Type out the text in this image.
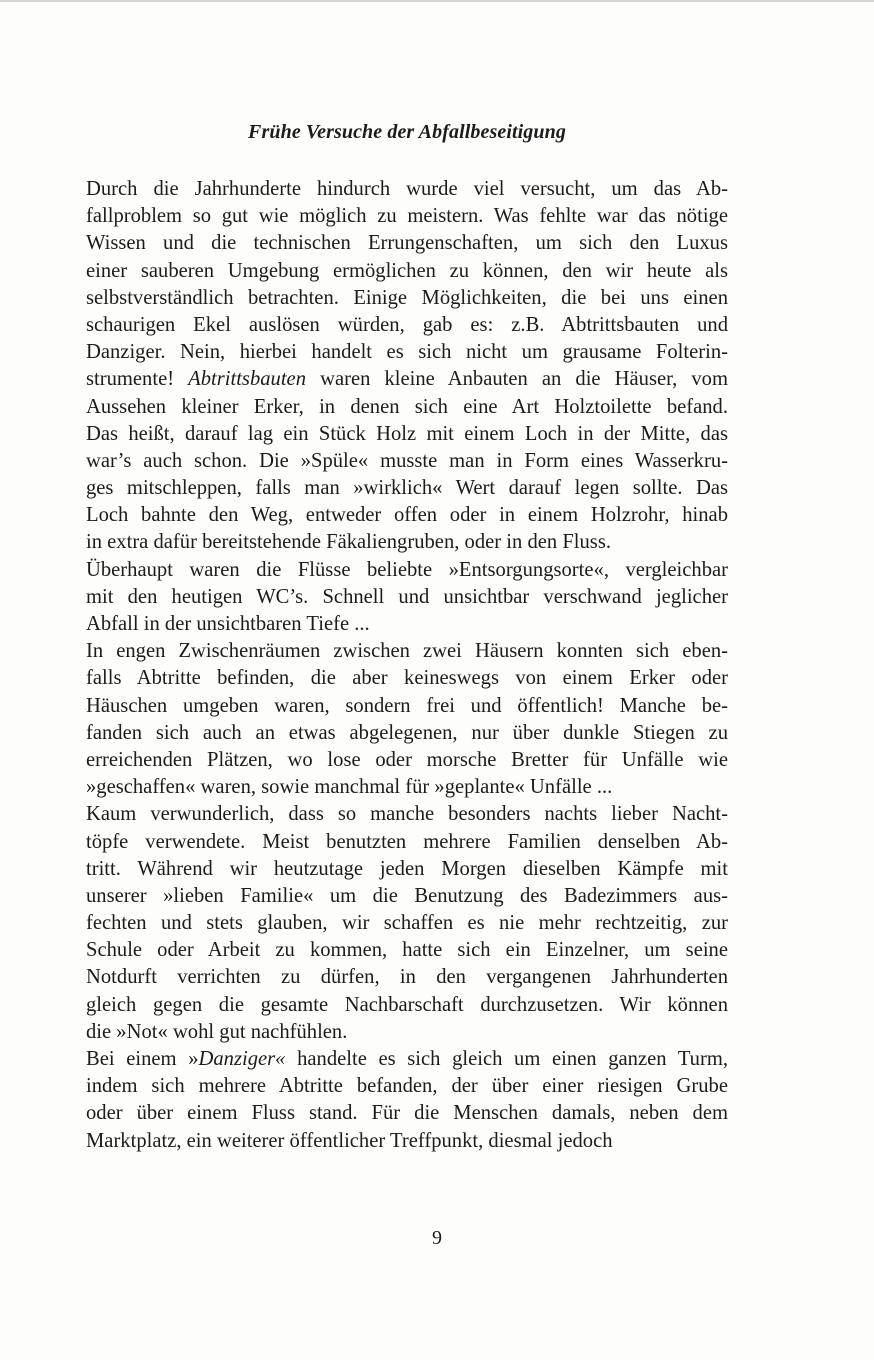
Frühe Versuche der Abfallbeseitigung

Durch die Jahrhunderte hindurch wurde viel versucht, um das Ab-
fallproblem so gut wie möglich zu meistern. Was fehlte war das nötige
Wissen und die technischen Errungenschaften, um sich den Luxus
einer sauberen Umgebung ermöglichen zu können, den wir heute als
selbstverständlich betrachten. Einige Möglichkeiten, die bei uns einen
schaurigen Ekel auslösen würden, gab es: z.B. Abtrittsbauten und
Danziger. Nein, hierbei handelt es sich nicht um grausame Folterin-
strumente! Abtrittsbauten waren kleine Anbauten an die Häuser, vom
Aussehen kleiner Erker, in denen sich eine Art Holztoilette befand.
Das heißt, darauf lag ein Stück Holz mit einem Loch in der Mitte, das
war’s auch schon. Die »Spüle« musste man in Form eines Wasserkru-
ges mitschleppen, falls man »wirklich« Wert darauf legen sollte. Das
Loch bahnte den Weg, entweder offen oder in einem Holzrohr, hinab
in extra dafür bereitstehende Fäkaliengruben, oder in den Fluss.

Überhaupt waren die Flüsse beliebte »Entsorgungsorte«, vergleichbar
mit den heutigen WC’s. Schnell und unsichtbar verschwand jeglicher
Abfall in der unsichtbaren Tiefe ...

In engen Zwischenräumen zwischen zwei Häusern konnten sich eben-
falls Abtritte befinden, die aber keineswegs von einem Erker oder
Häuschen umgeben waren, sondern frei und öffentlich! Manche be-
fanden sich auch an etwas abgelegenen, nur über dunkle Stiegen zu
erreichenden Plätzen, wo lose oder morsche Bretter für Unfälle wie
»geschaffen« waren, sowie manchmal für »geplante« Unfälle ...

Kaum verwunderlich, dass so manche besonders nachts lieber Nacht-
töpfe verwendete. Meist benutzten mehrere Familien denselben Ab-
tritt. Während wir heutzutage jeden Morgen dieselben Kämpfe mit
unserer »lieben Familie« um die Benutzung des Badezimmers aus-
fechten und stets glauben, wir schaffen es nie mehr rechtzeitig, zur
Schule oder Arbeit zu kommen, hatte sich ein Einzelner, um seine
Notdurft verrichten zu dürfen, in den vergangenen Jahrhunderten
gleich gegen die gesamte Nachbarschaft durchzusetzen. Wir können
die »Not« wohl gut nachfühlen.

Bei einem »Danziger« handelte es sich gleich um einen ganzen Turm,
indem sich mehrere Abtritte befanden, der über einer riesigen Grube
oder über einem Fluss stand. Für die Menschen damals, neben dem
Marktplatz, ein weiterer öffentlicher Treffpunkt, diesmal jedoch

9
